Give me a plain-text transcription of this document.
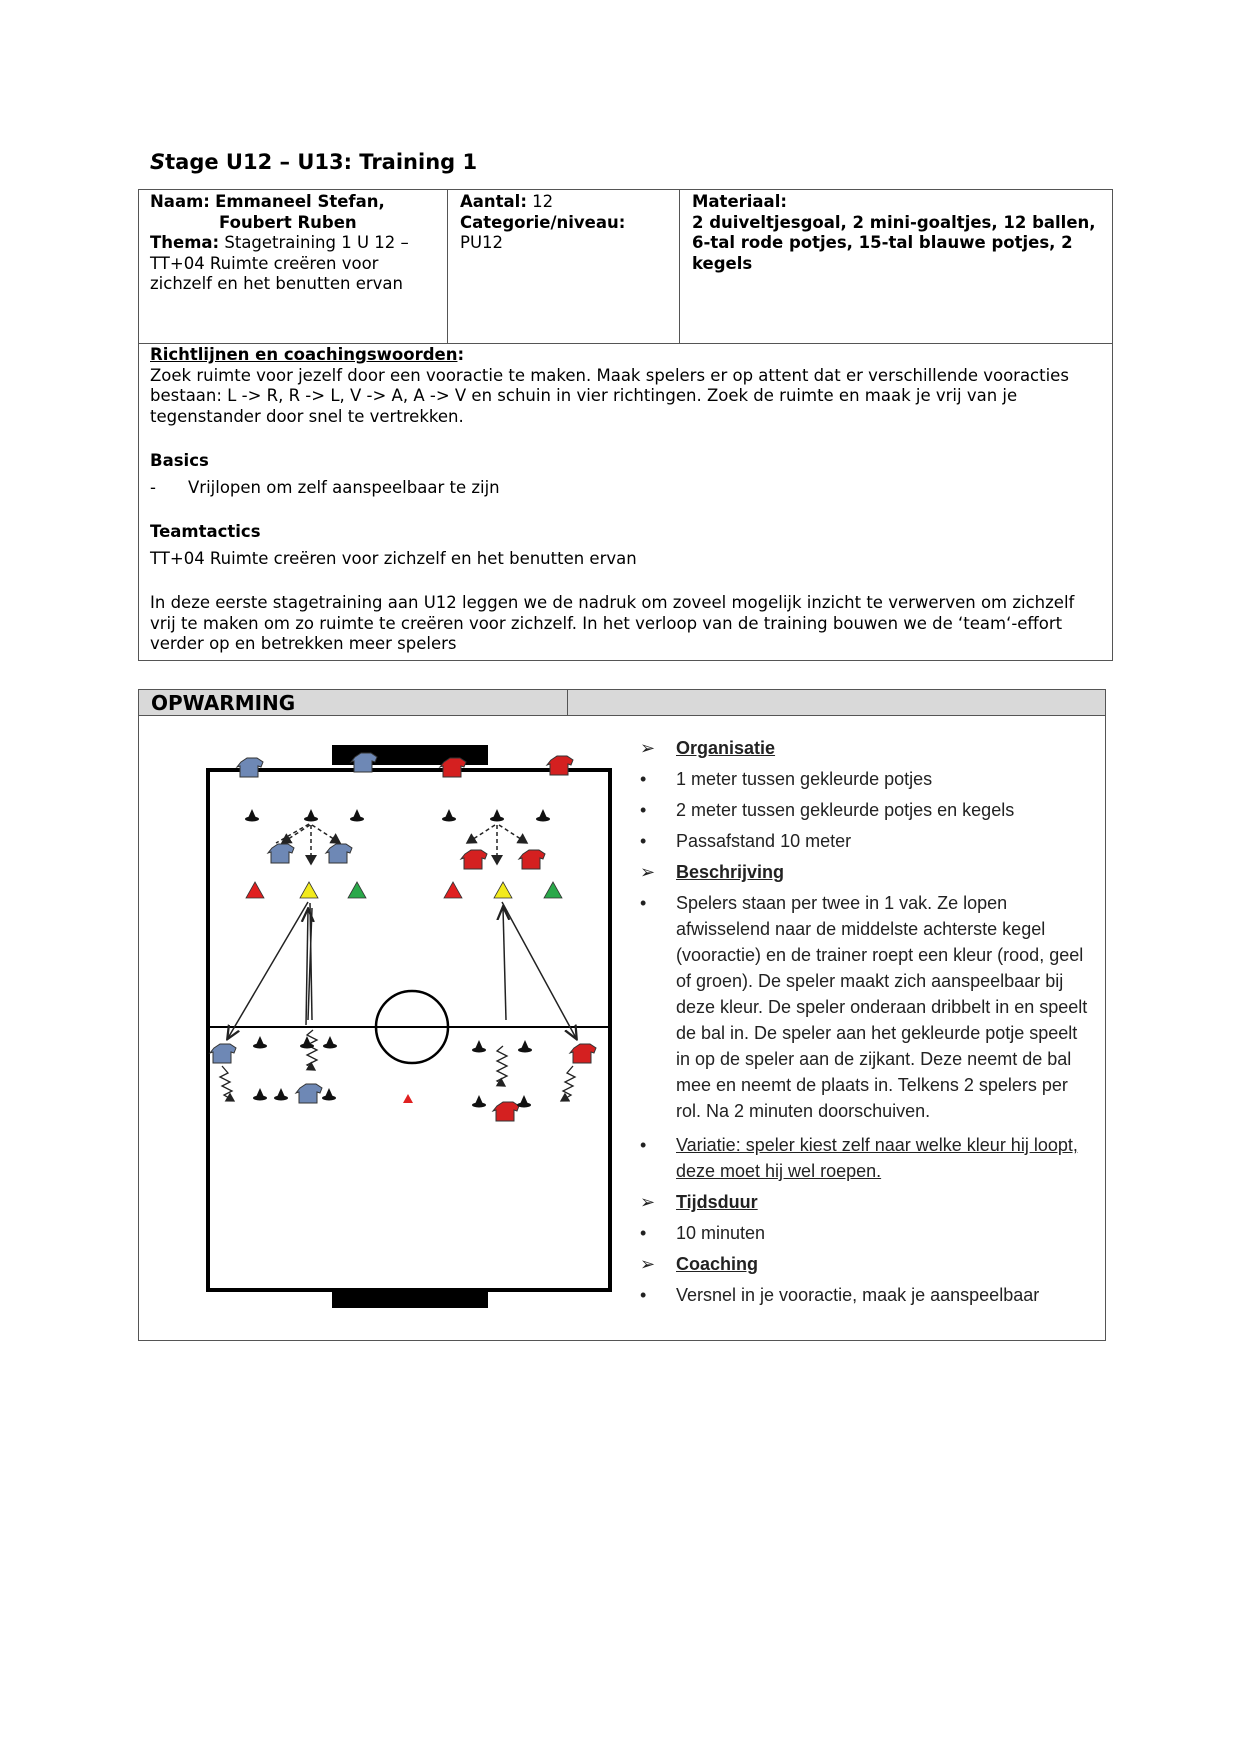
Stage U12 – U13: Training 1
Naam: Emmaneel Stefan,
Foubert Ruben
Thema: Stagetraining 1 U 12 –
TT+04 Ruimte creëren voor
zichzelf en het benutten ervan
Aantal: 12
Categorie/niveau:
PU12
Materiaal:
2 duiveltjesgoal, 2 mini-goaltjes, 12 ballen,
6-tal rode potjes, 15-tal blauwe potjes, 2
kegels
Richtlijnen en coachingswoorden:
Zoek ruimte voor jezelf door een vooractie te maken. Maak spelers er op attent dat er verschillende vooracties
bestaan: L -> R, R -> L, V -> A, A -> V en schuin in vier richtingen. Zoek de ruimte en maak je vrij van je
tegenstander door snel te vertrekken.
Basics
- Vrijlopen om zelf aanspeelbaar te zijn
Teamtactics
TT+04 Ruimte creëren voor zichzelf en het benutten ervan
In deze eerste stagetraining aan U12 leggen we de nadruk om zoveel mogelijk inzicht te verwerven om zichzelf
vrij te maken om zo ruimte te creëren voor zichzelf. In het verloop van de training bouwen we de ‘team‘-effort
verder op en betrekken meer spelers
OPWARMING
➢ Organisatie
• 1 meter tussen gekleurde potjes
• 2 meter tussen gekleurde potjes en kegels
• Passafstand 10 meter
➢ Beschrijving
• Spelers staan per twee in 1 vak. Ze lopen afwisselend naar de middelste achterste kegel (vooractie) en de trainer roept een kleur (rood, geel of groen). De speler maakt zich aanspeelbaar bij deze kleur. De speler onderaan dribbelt in en speelt de bal in. De speler aan het gekleurde potje speelt in op de speler aan de zijkant. Deze neemt de bal mee en neemt de plaats in. Telkens 2 spelers per rol. Na 2 minuten doorschuiven.
• Variatie: speler kiest zelf naar welke kleur hij loopt, deze moet hij wel roepen.
➢ Tijdsduur
• 10 minuten
➢ Coaching
• Versnel in je vooractie, maak je aanspeelbaar
